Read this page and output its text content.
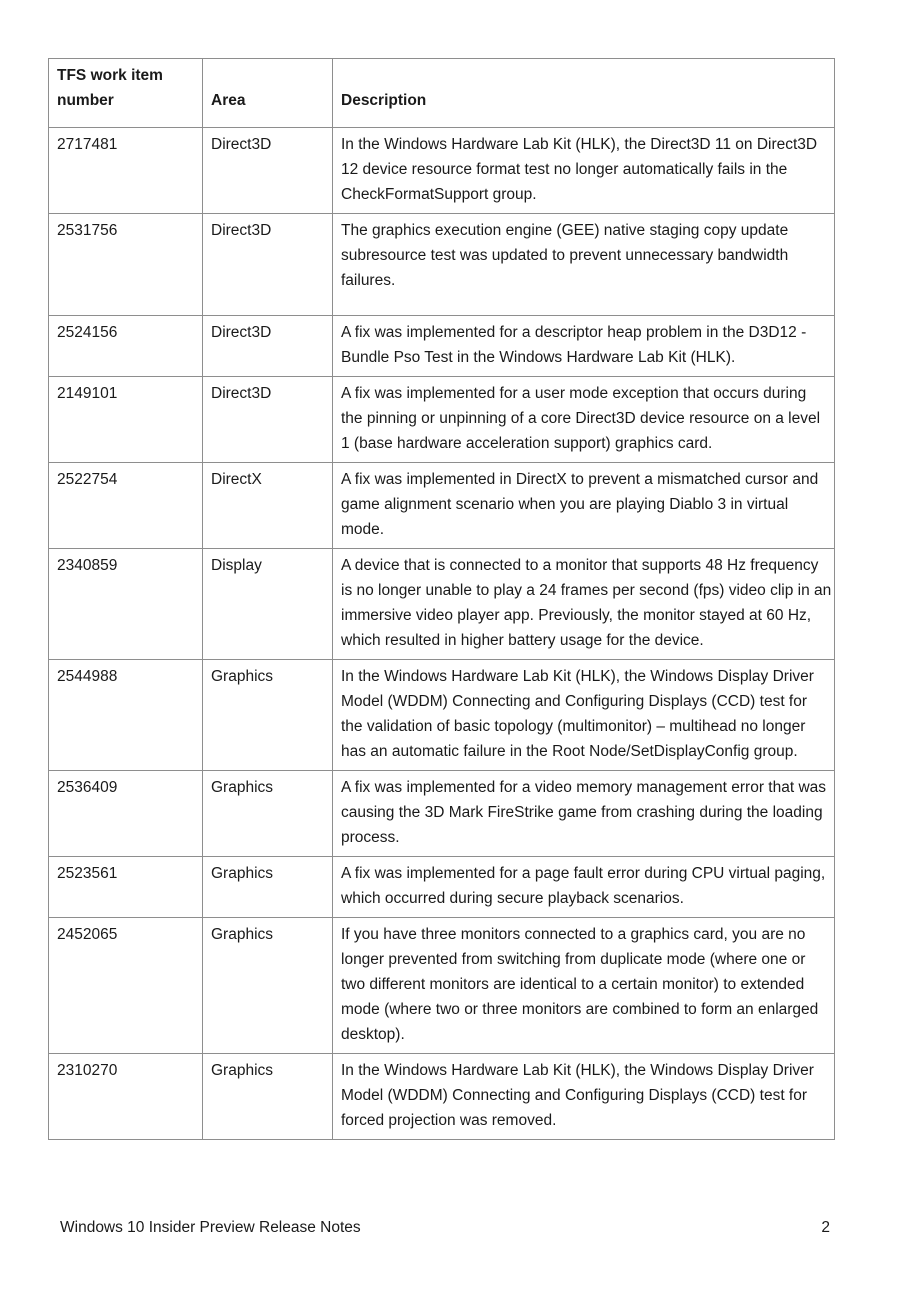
TFS work item number	Area	Description
2717481	Direct3D	In the Windows Hardware Lab Kit (HLK), the Direct3D 11 on Direct3D 12 device resource format test no longer automatically fails in the CheckFormatSupport group.
2531756	Direct3D	The graphics execution engine (GEE) native staging copy update subresource test was updated to prevent unnecessary bandwidth failures.
2524156	Direct3D	A fix was implemented for a descriptor heap problem in the D3D12 - Bundle Pso Test in the Windows Hardware Lab Kit (HLK).
2149101	Direct3D	A fix was implemented for a user mode exception that occurs during the pinning or unpinning of a core Direct3D device resource on a level 1 (base hardware acceleration support) graphics card.
2522754	DirectX	A fix was implemented in DirectX to prevent a mismatched cursor and game alignment scenario when you are playing Diablo 3 in virtual mode.
2340859	Display	A device that is connected to a monitor that supports 48 Hz frequency is no longer unable to play a 24 frames per second (fps) video clip in an immersive video player app. Previously, the monitor stayed at 60 Hz, which resulted in higher battery usage for the device.
2544988	Graphics	In the Windows Hardware Lab Kit (HLK), the Windows Display Driver Model (WDDM) Connecting and Configuring Displays (CCD) test for the validation of basic topology (multimonitor) – multihead no longer has an automatic failure in the Root Node/SetDisplayConfig group.
2536409	Graphics	A fix was implemented for a video memory management error that was causing the 3D Mark FireStrike game from crashing during the loading process.
2523561	Graphics	A fix was implemented for a page fault error during CPU virtual paging, which occurred during secure playback scenarios.
2452065	Graphics	If you have three monitors connected to a graphics card, you are no longer prevented from switching from duplicate mode (where one or two different monitors are identical to a certain monitor) to extended mode (where two or three monitors are combined to form an enlarged desktop).
2310270	Graphics	In the Windows Hardware Lab Kit (HLK), the Windows Display Driver Model (WDDM) Connecting and Configuring Displays (CCD) test for forced projection was removed.
Windows 10 Insider Preview Release Notes	2
